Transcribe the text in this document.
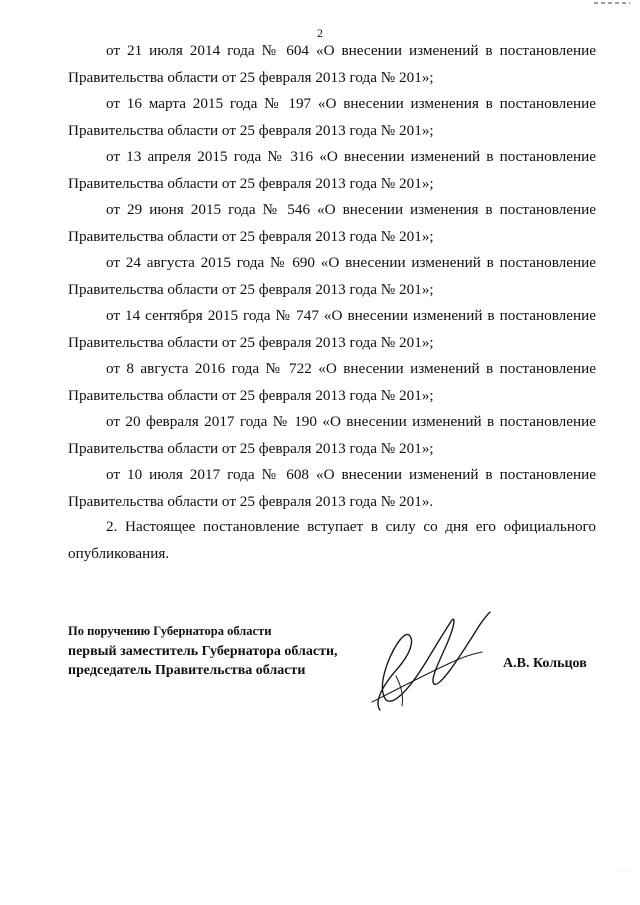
2

от 21 июля 2014 года № 604 «О внесении изменений в постановление Правительства области от 25 февраля 2013 года № 201»;

от 16 марта 2015 года № 197 «О внесении изменения в постановление Правительства области от 25 февраля 2013 года № 201»;

от 13 апреля 2015 года № 316 «О внесении изменений в постановление Правительства области от 25 февраля 2013 года № 201»;

от 29 июня 2015 года № 546 «О внесении изменения в постановление Правительства области от 25 февраля 2013 года № 201»;

от 24 августа 2015 года № 690 «О внесении изменений в постановление Правительства области от 25 февраля 2013 года № 201»;

от 14 сентября 2015 года № 747 «О внесении изменений в постановление Правительства области от 25 февраля 2013 года № 201»;

от 8 августа 2016 года № 722 «О внесении изменений в постановление Правительства области от 25 февраля 2013 года № 201»;

от 20 февраля 2017 года № 190 «О внесении изменений в постановление Правительства области от 25 февраля 2013 года № 201»;

от 10 июля 2017 года № 608 «О внесении изменений в постановление Правительства области от 25 февраля 2013 года № 201».

2. Настоящее постановление вступает в силу со дня его официального опубликования.

По поручению Губернатора области
первый заместитель Губернатора области,
председатель Правительства области	А.В. Кольцов
· · ·
